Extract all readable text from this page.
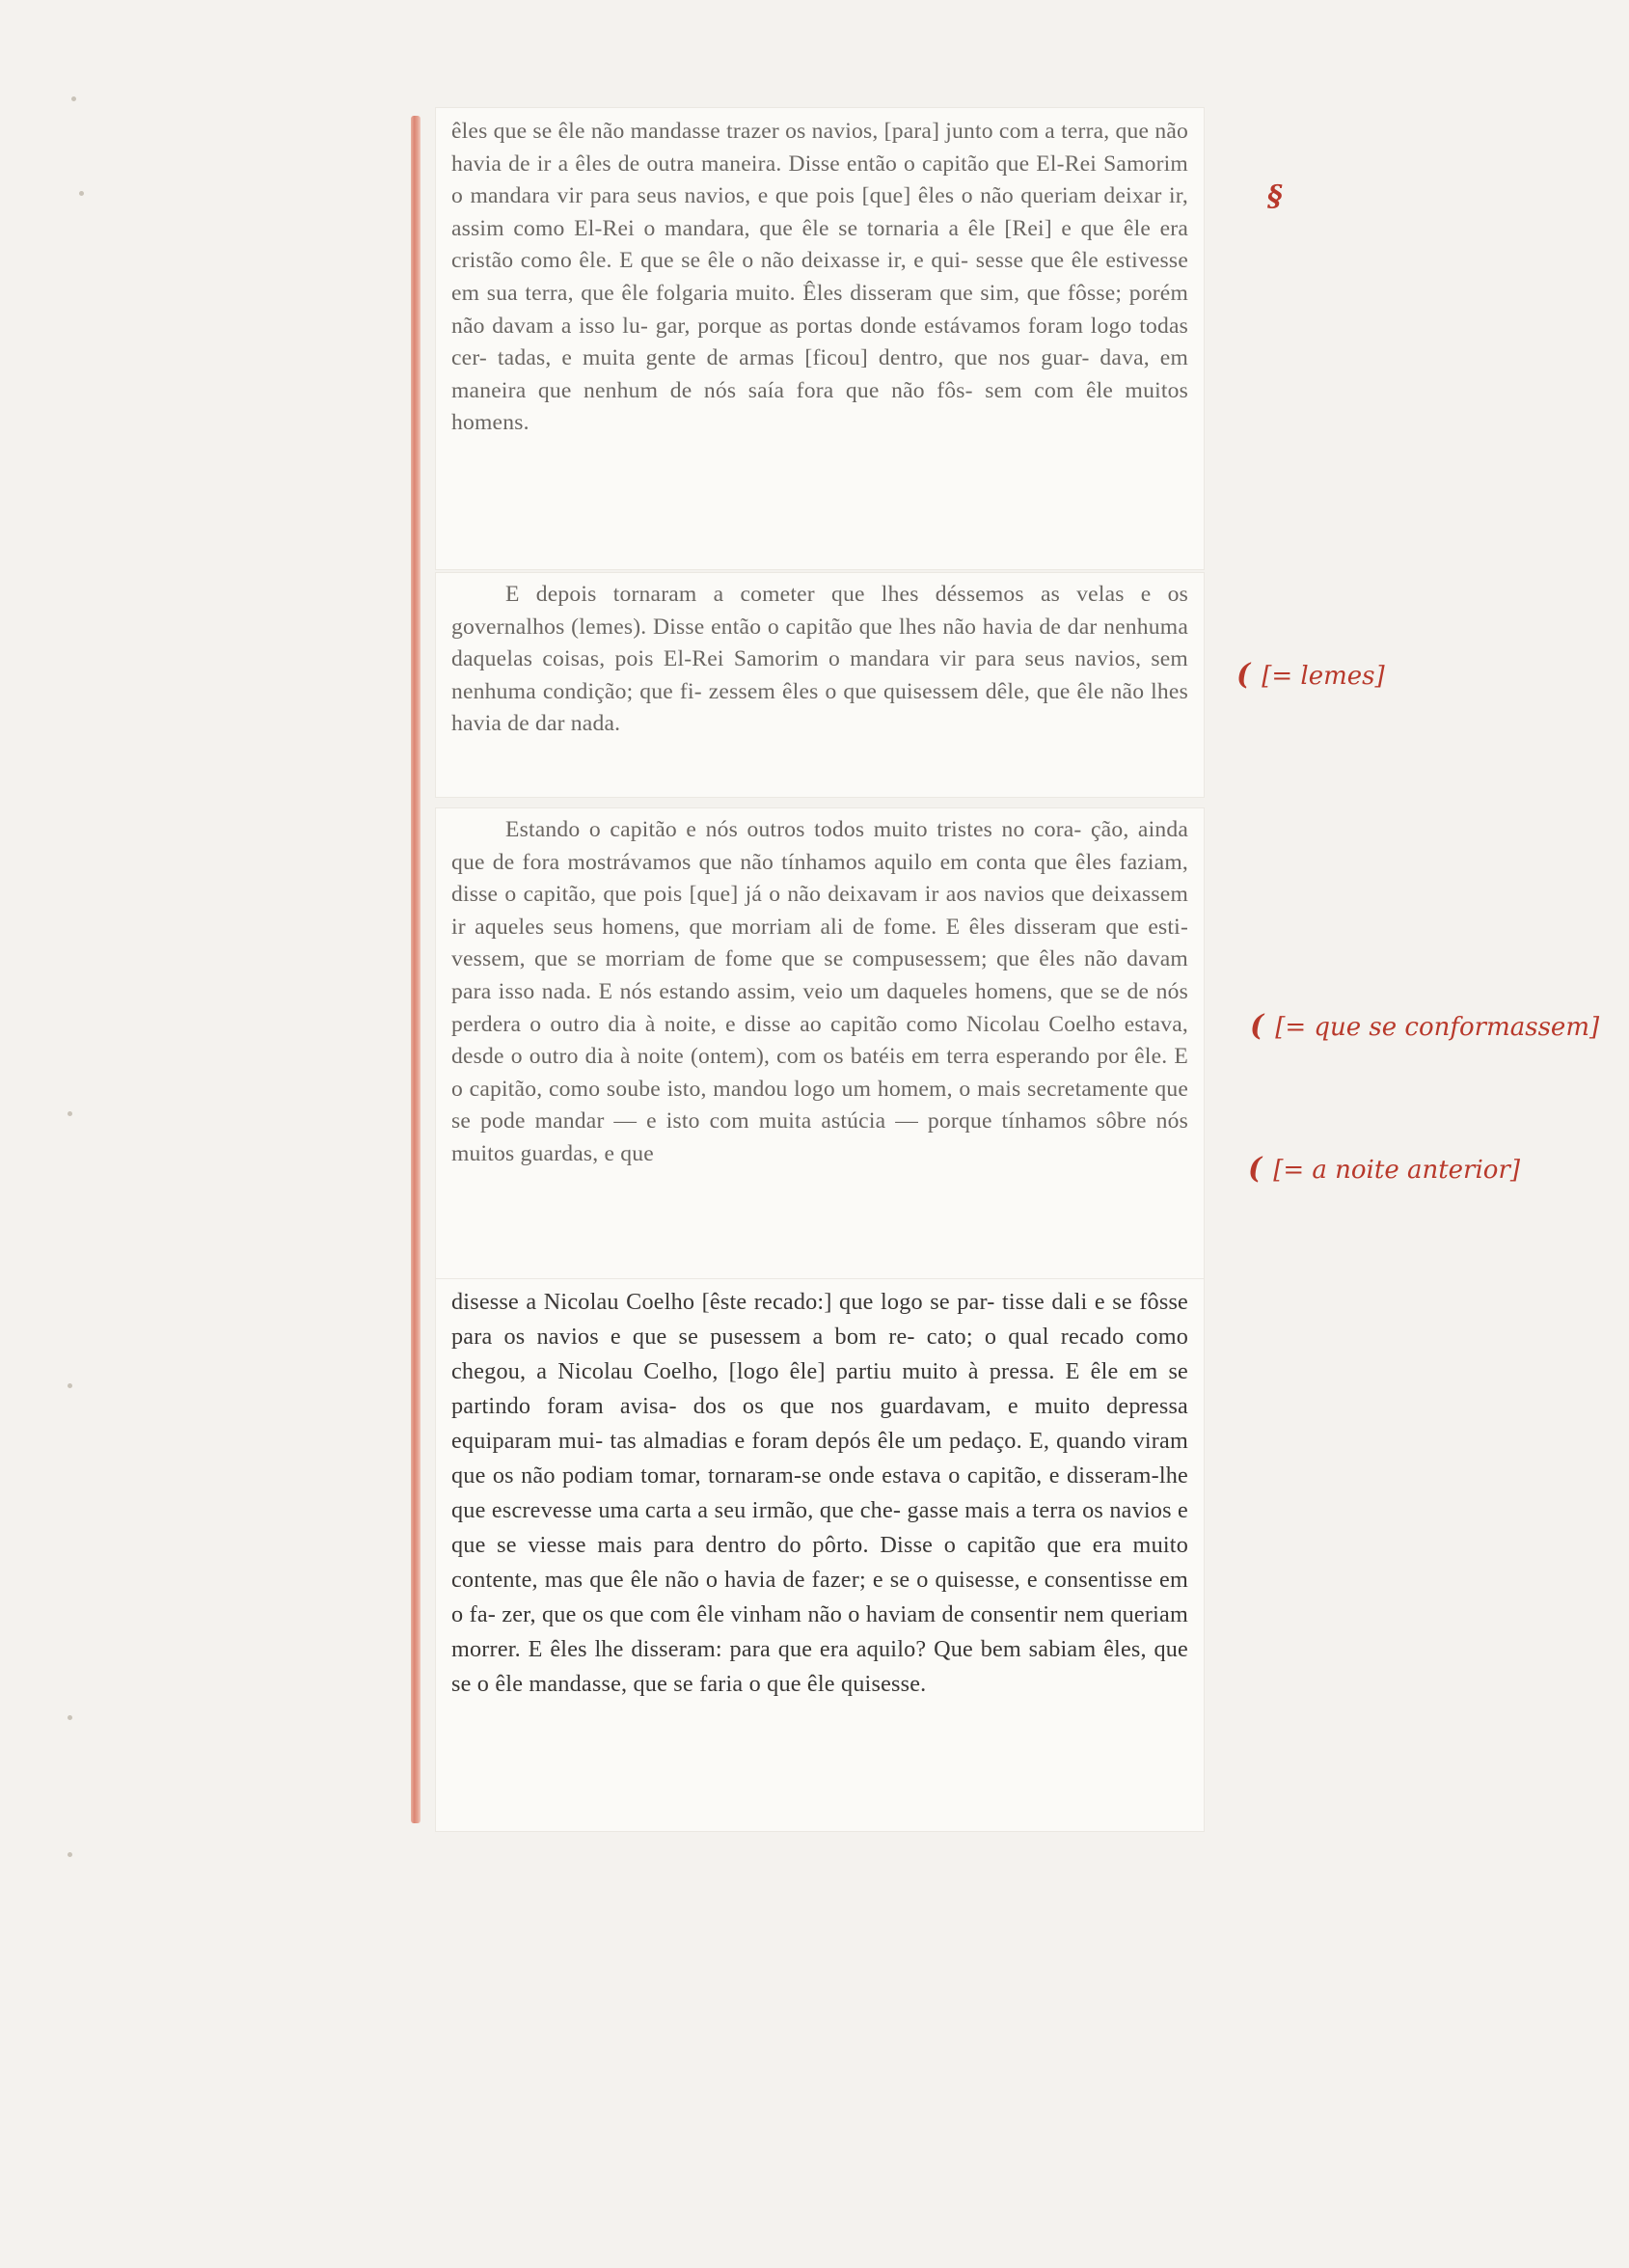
êles que se êle não mandasse trazer os navios, [para] junto com a terra, que não havia de ir a êles de outra maneira. Disse então o capitão que El-Rei Samorim o mandara vir para seus navios, e que pois [que] êles o não queriam deixar ir, assim como El-Rei o mandara, que êle se tornaria a êle [Rei] e que êle era cristão como êle. E que se êle o não deixasse ir, e qui- sesse que êle estivesse em sua terra, que êle folgaria muito. Êles disseram que sim, que fôsse; porém não davam a isso lu- gar, porque as portas donde estávamos foram logo todas cer- tadas, e muita gente de armas [ficou] dentro, que nos guar- dava, em maneira que nenhum de nós saía fora que não fôs- sem com êle muitos homens.

E depois tornaram a cometer que lhes déssemos as velas e os governalhos (lemes). Disse então o capitão que lhes não havia de dar nenhuma daquelas coisas, pois El-Rei Samorim o mandara vir para seus navios, sem nenhuma condição; que fi- zessem êles o que quisessem dêle, que êle não lhes havia de dar nada.

Estando o capitão e nós outros todos muito tristes no cora- ção, ainda que de fora mostrávamos que não tínhamos aquilo em conta que êles faziam, disse o capitão, que pois [que] já o não deixavam ir aos navios que deixassem ir aqueles seus homens, que morriam ali de fome. E êles disseram que esti- vessem, que se morriam de fome que se compusessem; que êles não davam para isso nada. E nós estando assim, veio um daqueles homens, que se de nós perdera o outro dia à noite, e disse ao capitão como Nicolau Coelho estava, desde o outro dia à noite (ontem), com os batéis em terra esperando por êle. E o capitão, como soube isto, mandou logo um homem, o mais secretamente que se pode mandar — e isto com muita astúcia — porque tínhamos sôbre nós muitos guardas, e que

disesse a Nicolau Coelho [êste recado:] que logo se par- tisse dali e se fôsse para os navios e que se pusessem a bom re- cato; o qual recado como chegou, a Nicolau Coelho, [logo êle] partiu muito à pressa. E êle em se partindo foram avisa- dos os que nos guardavam, e muito depressa equiparam mui- tas almadias e foram depós êle um pedaço. E, quando viram que os não podiam tomar, tornaram-se onde estava o capitão, e disseram-lhe que escrevesse uma carta a seu irmão, que che- gasse mais a terra os navios e que se viesse mais para dentro do pôrto. Disse o capitão que era muito contente, mas que êle não o havia de fazer; e se o quisesse, e consentisse em o fa- zer, que os que com êle vinham não o haviam de consentir nem queriam morrer. E êles lhe disseram: para que era aquilo? Que bem sabiam êles, que se o êle mandasse, que se faria o que êle quisesse.

§
( [= lemes]
( [= que se conformassem]
( [= a noite anterior]
